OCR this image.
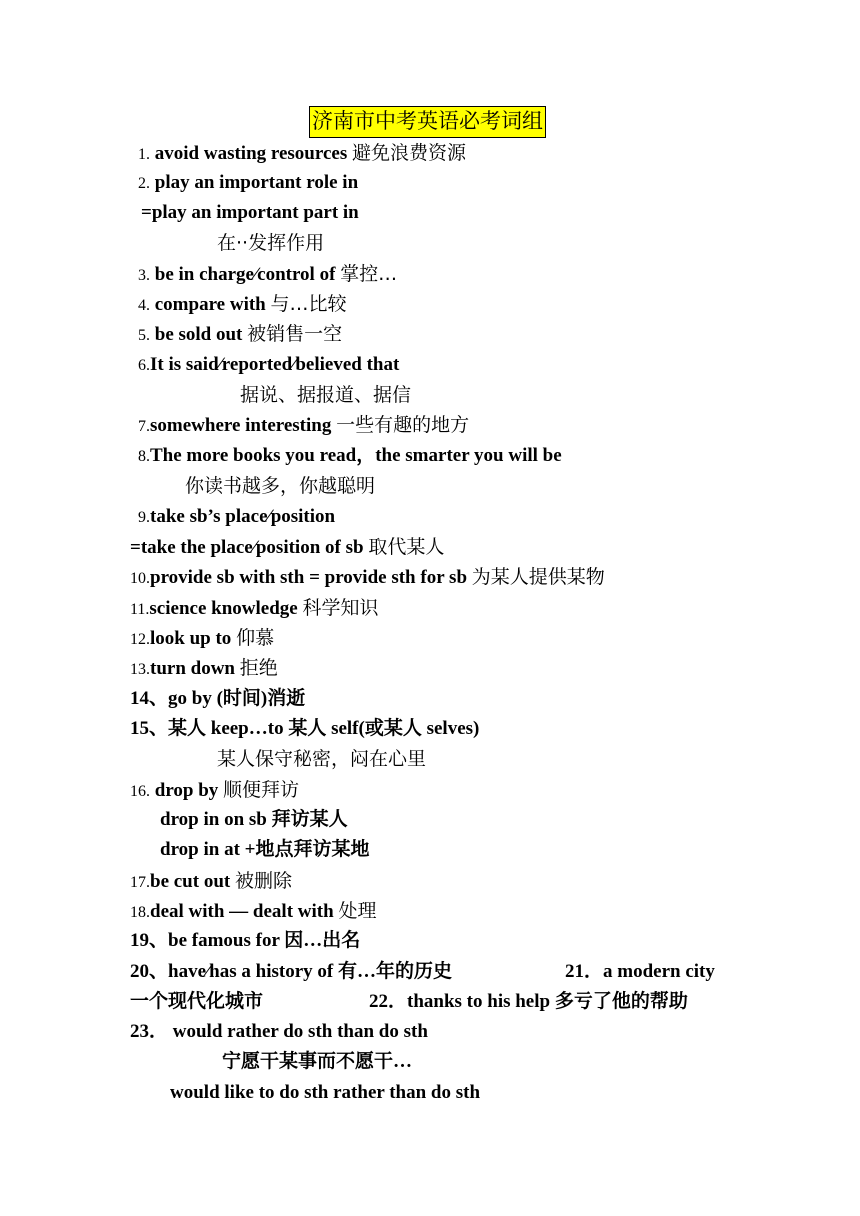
济南市中考英语必考词组
1. avoid wasting resources 避免浪费资源
2. play an important role in
=play an important part in
在··发挥作用
3. be in charge∕control of 掌控…
4. compare with 与…比较
5. be sold out 被销售一空
6.It is said∕reported∕believed that
据说、据报道、据信
7.somewhere interesting 一些有趣的地方
8.The more books you read，the smarter you will be
你读书越多，你越聪明
9.take sb’s place∕position
=take the place∕position of sb 取代某人
10.provide sb with sth = provide sth for sb 为某人提供某物
11.science knowledge 科学知识
12.look up to 仰慕
13.turn down 拒绝
14、go by (时间)消逝
15、某人 keep…to 某人 self(或某人 selves)
某人保守秘密，闷在心里
16. drop by 顺便拜访
drop in on sb 拜访某人
drop in at +地点拜访某地
17.be cut out 被删除
18.deal with — dealt with 处理
19、be famous for 因…出名
20、have∕has a history of 有…年的历史	21．a modern city
一个现代化城市	22．thanks to his help 多亏了他的帮助
23． would rather do sth than do sth
宁愿干某事而不愿干…
would like to do sth rather than do sth
